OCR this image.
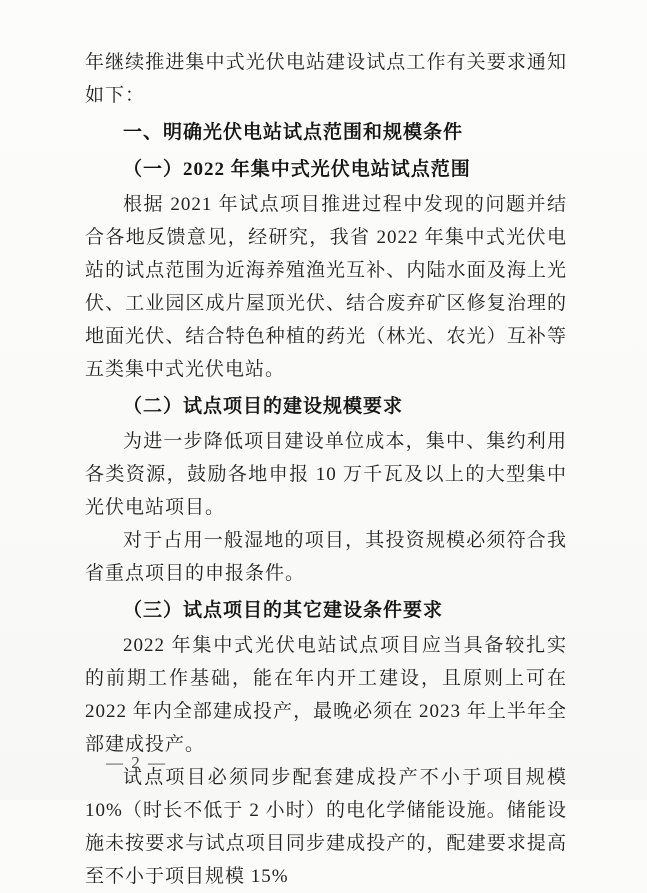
年继续推进集中式光伏电站建设试点工作有关要求通知如下：

一、明确光伏电站试点范围和规模条件

（一）2022 年集中式光伏电站试点范围

根据 2021 年试点项目推进过程中发现的问题并结合各地反馈意见，经研究，我省 2022 年集中式光伏电站的试点范围为近海养殖渔光互补、内陆水面及海上光伏、工业园区成片屋顶光伏、结合废弃矿区修复治理的地面光伏、结合特色种植的药光（林光、农光）互补等五类集中式光伏电站。

（二）试点项目的建设规模要求

为进一步降低项目建设单位成本，集中、集约利用各类资源，鼓励各地申报 10 万千瓦及以上的大型集中光伏电站项目。

对于占用一般湿地的项目，其投资规模必须符合我省重点项目的申报条件。

（三）试点项目的其它建设条件要求

2022 年集中式光伏电站试点项目应当具备较扎实的前期工作基础，能在年内开工建设，且原则上可在 2022 年内全部建成投产，最晚必须在 2023 年上半年全部建成投产。

试点项目必须同步配套建成投产不小于项目规模 10%（时长不低于 2 小时）的电化学储能设施。储能设施未按要求与试点项目同步建成投产的，配建要求提高至不小于项目规模 15%

— 2 —
